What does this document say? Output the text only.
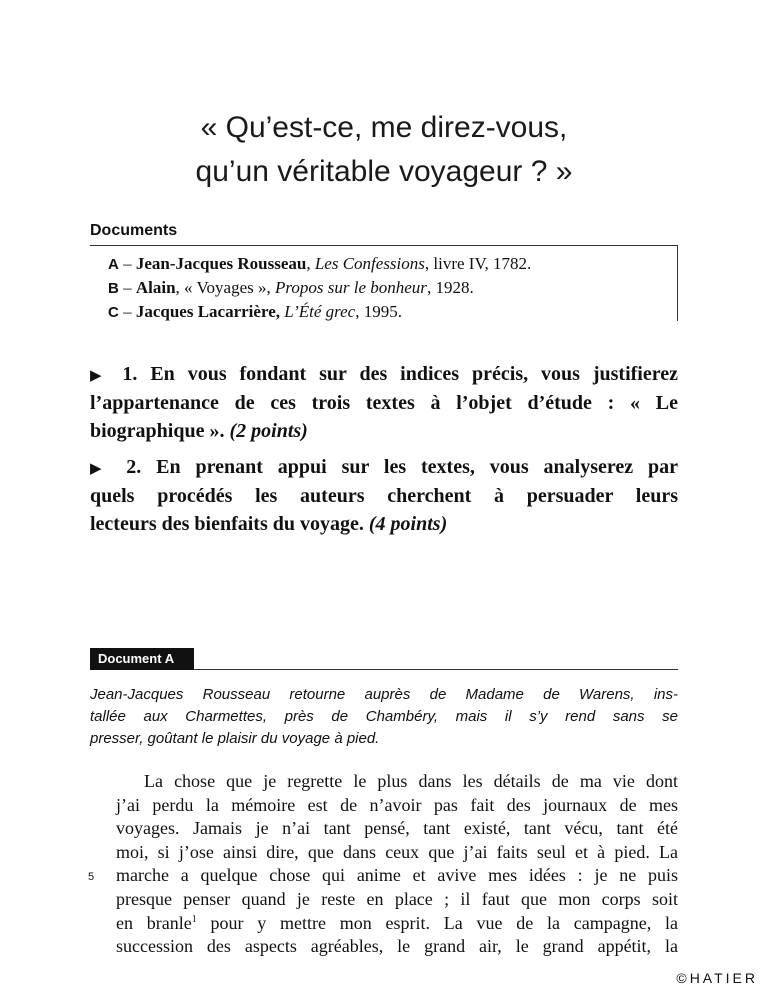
« Qu’est-ce, me direz-vous,
qu’un véritable voyageur ? »
Documents
A – Jean-Jacques Rousseau, Les Confessions, livre IV, 1782.
B – Alain, « Voyages », Propos sur le bonheur, 1928.
C – Jacques Lacarrière, L’Été grec, 1995.
▶ 1. En vous fondant sur des indices précis, vous justifierez
l’appartenance de ces trois textes à l’objet d’étude : « Le
biographique ». (2 points)
▶ 2. En prenant appui sur les textes, vous analyserez par
quels procédés les auteurs cherchent à persuader leurs
lecteurs des bienfaits du voyage. (4 points)
Document A
Jean-Jacques Rousseau retourne auprès de Madame de Warens, ins-
tallée aux Charmettes, près de Chambéry, mais il s’y rend sans se
presser, goûtant le plaisir du voyage à pied.
La chose que je regrette le plus dans les détails de ma vie dont
j’ai perdu la mémoire est de n’avoir pas fait des journaux de mes
voyages. Jamais je n’ai tant pensé, tant existé, tant vécu, tant été
moi, si j’ose ainsi dire, que dans ceux que j’ai faits seul et à pied. La
5 marche a quelque chose qui anime et avive mes idées : je ne puis
presque penser quand je reste en place ; il faut que mon corps soit
en branle$^1$ pour y mettre mon esprit. La vue de la campagne, la
succession des aspects agréables, le grand air, le grand appétit, la
©HATIER
